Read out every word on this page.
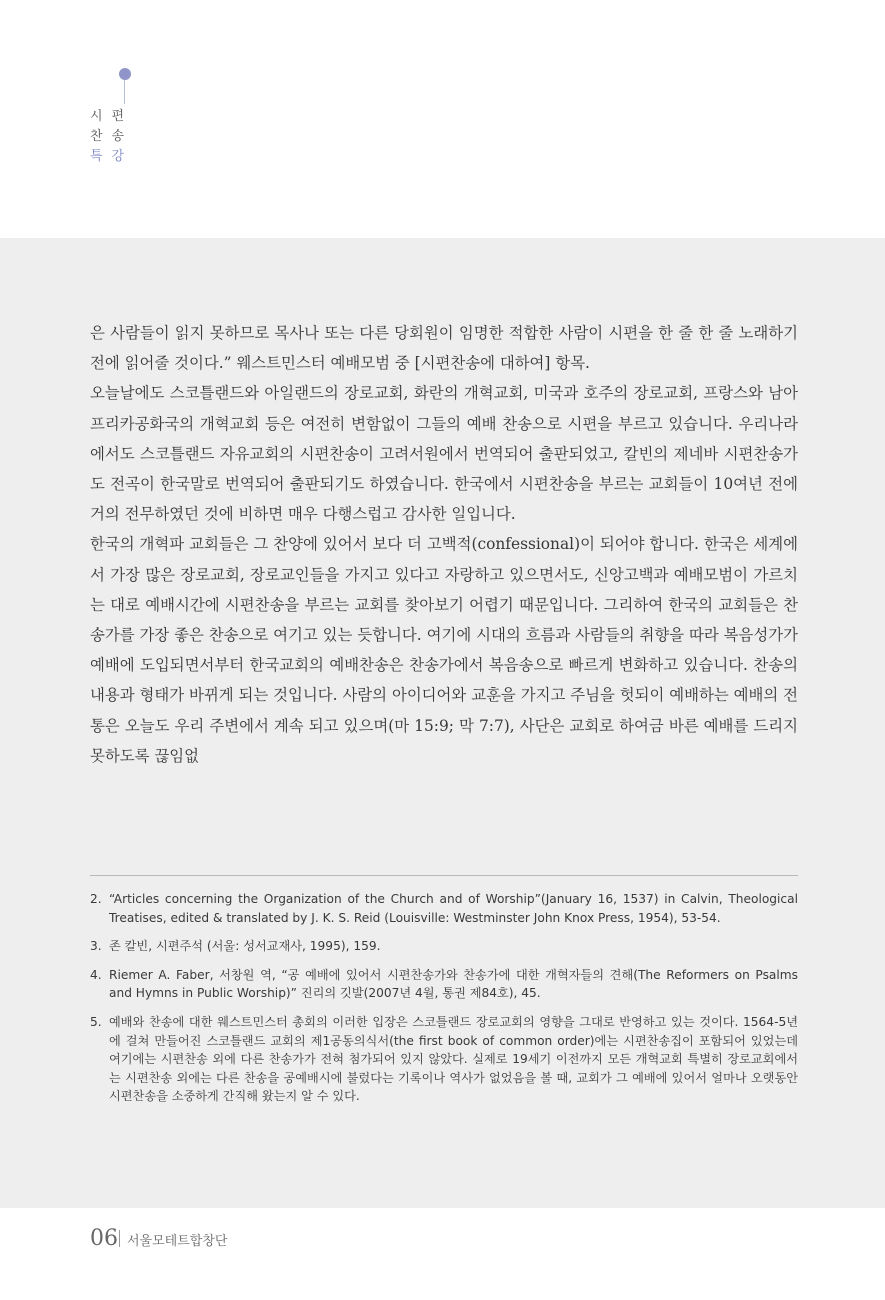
시편
찬송
특강

은 사람들이 읽지 못하므로 목사나 또는 다른 당회원이 임명한 적합한 사람이 시편을 한 줄 한 줄 노래하기 전에 읽어줄 것이다.” 웨스트민스터 예배모범 중 [시편찬송에 대하여] 항목.

오늘날에도 스코틀랜드와 아일랜드의 장로교회, 화란의 개혁교회, 미국과 호주의 장로교회, 프랑스와 남아프리카공화국의 개혁교회 등은 여전히 변함없이 그들의 예배 찬송으로 시편을 부르고 있습니다. 우리나라에서도 스코틀랜드 자유교회의 시편찬송이 고려서원에서 번역되어 출판되었고, 칼빈의 제네바 시편찬송가도 전곡이 한국말로 번역되어 출판되기도 하였습니다. 한국에서 시편찬송을 부르는 교회들이 10여년 전에 거의 전무하였던 것에 비하면 매우 다행스럽고 감사한 일입니다.

한국의 개혁파 교회들은 그 찬양에 있어서 보다 더 고백적(confessional)이 되어야 합니다. 한국은 세계에서 가장 많은 장로교회, 장로교인들을 가지고 있다고 자랑하고 있으면서도, 신앙고백과 예배모범이 가르치는 대로 예배시간에 시편찬송을 부르는 교회를 찾아보기 어렵기 때문입니다. 그리하여 한국의 교회들은 찬송가를 가장 좋은 찬송으로 여기고 있는 듯합니다. 여기에 시대의 흐름과 사람들의 취향을 따라 복음성가가 예배에 도입되면서부터 한국교회의 예배찬송은 찬송가에서 복음송으로 빠르게 변화하고 있습니다. 찬송의 내용과 형태가 바뀌게 되는 것입니다. 사람의 아이디어와 교훈을 가지고 주님을 헛되이 예배하는 예배의 전통은 오늘도 우리 주변에서 계속 되고 있으며(마 15:9; 막 7:7), 사단은 교회로 하여금 바른 예배를 드리지 못하도록 끊임없

2. “Articles concerning the Organization of the Church and of Worship”(January 16, 1537) in Calvin, Theological Treatises, edited & translated by J. K. S. Reid (Louisville: Westminster John Knox Press, 1954), 53-54.
3. 존 칼빈, 시편주석 (서울: 성서교재사, 1995), 159.
4. Riemer A. Faber, 서창원 역, “공 예배에 있어서 시편찬송가와 찬송가에 대한 개혁자들의 견해(The Reformers on Psalms and Hymns in Public Worship)” 진리의 깃발(2007년 4월, 통권 제84호), 45.
5. 예배와 찬송에 대한 웨스트민스터 총회의 이러한 입장은 스코틀랜드 장로교회의 영향을 그대로 반영하고 있는 것이다. 1564-5년에 걸쳐 만들어진 스코틀랜드 교회의 제1공동의식서(the first book of common order)에는 시편찬송집이 포함되어 있었는데 여기에는 시편찬송 외에 다른 찬송가가 전혀 첨가되어 있지 않았다. 실제로 19세기 이전까지 모든 개혁교회 특별히 장로교회에서는 시편찬송 외에는 다른 찬송을 공예배시에 불렀다는 기록이나 역사가 없었음을 볼 때, 교회가 그 예배에 있어서 얼마나 오랫동안 시편찬송을 소중하게 간직해 왔는지 알 수 있다.
06 서울모테트합창단
